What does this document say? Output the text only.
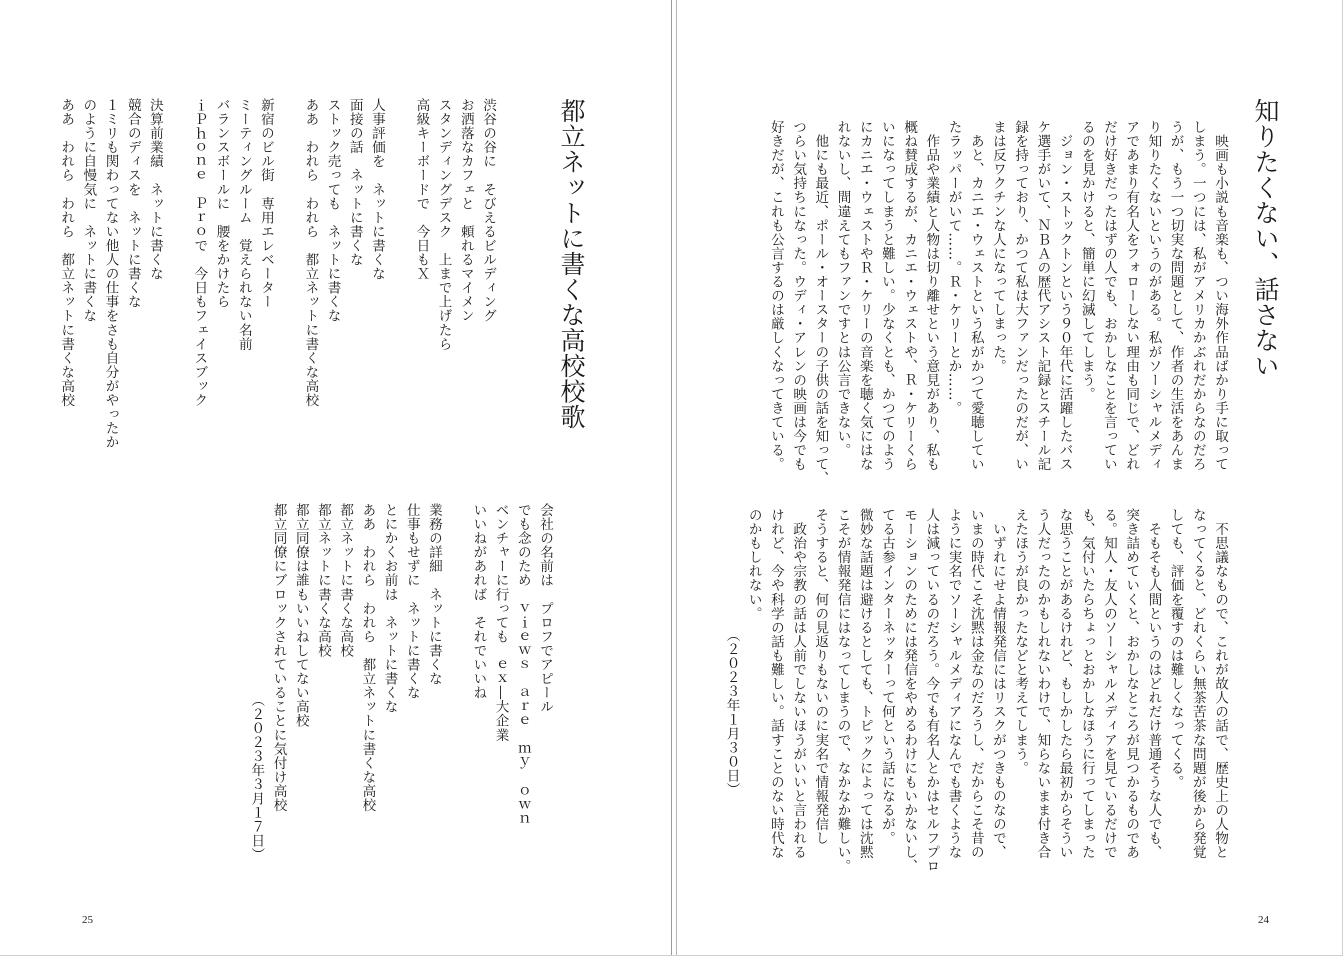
知りたくない、話さない
　映画も小説も音楽も、つい海外作品ばかり手に取って
しまう。一つには、私がアメリカかぶれだからなのだろ
うが、もう一つ切実な問題として、作者の生活をあんま
り知りたくないというのがある。私がソーシャルメディ
アであまり有名人をフォローしない理由も同じで、どれ
だけ好きだったはずの人でも、おかしなことを言ってい
るのを見かけると、簡単に幻滅してしまう。
　ジョン・ストックトンという９０年代に活躍したバス
ケ選手がいて、ＮＢＡの歴代アシスト記録とスチール記
録を持っており、かつて私は大ファンだったのだが、い
まは反ワクチンな人になってしまった。
　あと、カニエ・ウェストという私がかつて愛聴してい
たラッパーがいて……。Ｒ・ケリーとか……。
　作品や業績と人物は切り離せという意見があり、私も
概ね賛成するが、カニエ・ウェストや、Ｒ・ケリーくら
いになってしまうと難しい。少なくとも、かつてのよう
にカニエ・ウェストやＲ・ケリーの音楽を聴く気にはな
れないし、間違えてもファンですとは公言できない。
　他にも最近、ポール・オースターの子供の話を知って、
つらい気持ちになった。ウディ・アレンの映画は今でも
好きだが、これも公言するのは厳しくなってきている。
　不思議なもので、これが故人の話で、歴史上の人物と
なってくると、どれくらい無茶苦茶な問題が後から発覚
しても、評価を覆すのは難しくなってくる。
　そもそも人間というのはどれだけ普通そうな人でも、
突き詰めていくと、おかしなところが見つかるものであ
る。知人・友人のソーシャルメディアを見ているだけで
も、気付いたらちょっとおかしなほうに行ってしまった
な思うことがあるけれど、もしかしたら最初からそうい
う人だったのかもしれないわけで、知らないまま付き合
えたほうが良かったなどと考えてしまう。
　いずれにせよ情報発信にはリスクがつきものなので、
いまの時代こそ沈黙は金なのだろうし、だからこそ昔の
ように実名でソーシャルメディアになんでも書くような
人は減っているのだろう。今でも有名人とかはセルフプロ
モーションのためには発信をやめるわけにもいかないし、
てる古参インターネッターって何という話になるが。
微妙な話題は避けるとしても、トピックによっては沈黙
こそが情報発信にはなってしまうので、なかなか難しい。
そうすると、何の見返りもないのに実名で情報発信し
　政治や宗教の話は人前でしないほうがいいと言われる
けれど、今や科学の話も難しい。話すことのない時代な
のかもしれない。
（２０２３年１月３０日）
24
都立ネットに書くな高校校歌
渋谷の谷に　そびえるビルディング
お洒落なカフェと　頼れるマイメン
スタンディングデスク　上まで上げたら
高級キーボードで　今日もＸ

人事評価を　ネットに書くな
面接の話　ネットに書くな
ストック売っても　ネットに書くな
ああ　われら　われら　都立ネットに書くな高校

新宿のビル街　専用エレベーター
ミーティングルーム　覚えられない名前
バランスボールに　腰をかけたら
ｉＰｈｏｎｅ　Ｐｒｏで　今日もフェイスブック

決算前業績　ネットに書くな
競合のディスを　ネットに書くな
１ミリも関わってない他人の仕事をさも自分がやったか
のように自慢気に　ネットに書くな
ああ　われら　われら　都立ネットに書くな高校
会社の名前は　プロフでアピール
でも念のため　ｖｉｅｗｓ　ａｒｅ　ｍｙ　ｏｗｎ
ベンチャーに行っても　ｅｘ―大企業
いいねがあれば　それでいいね

業務の詳細　ネットに書くな
仕事もせずに　ネットに書くな
とにかくお前は　ネットに書くな
ああ　われら　われら　都立ネットに書くな高校
都立ネットに書くな高校
都立ネットに書くな高校
都立同僚は誰もいいねしてない高校
都立同僚にブロックされていることに気付け高校
（２０２３年３月１７日）
25
